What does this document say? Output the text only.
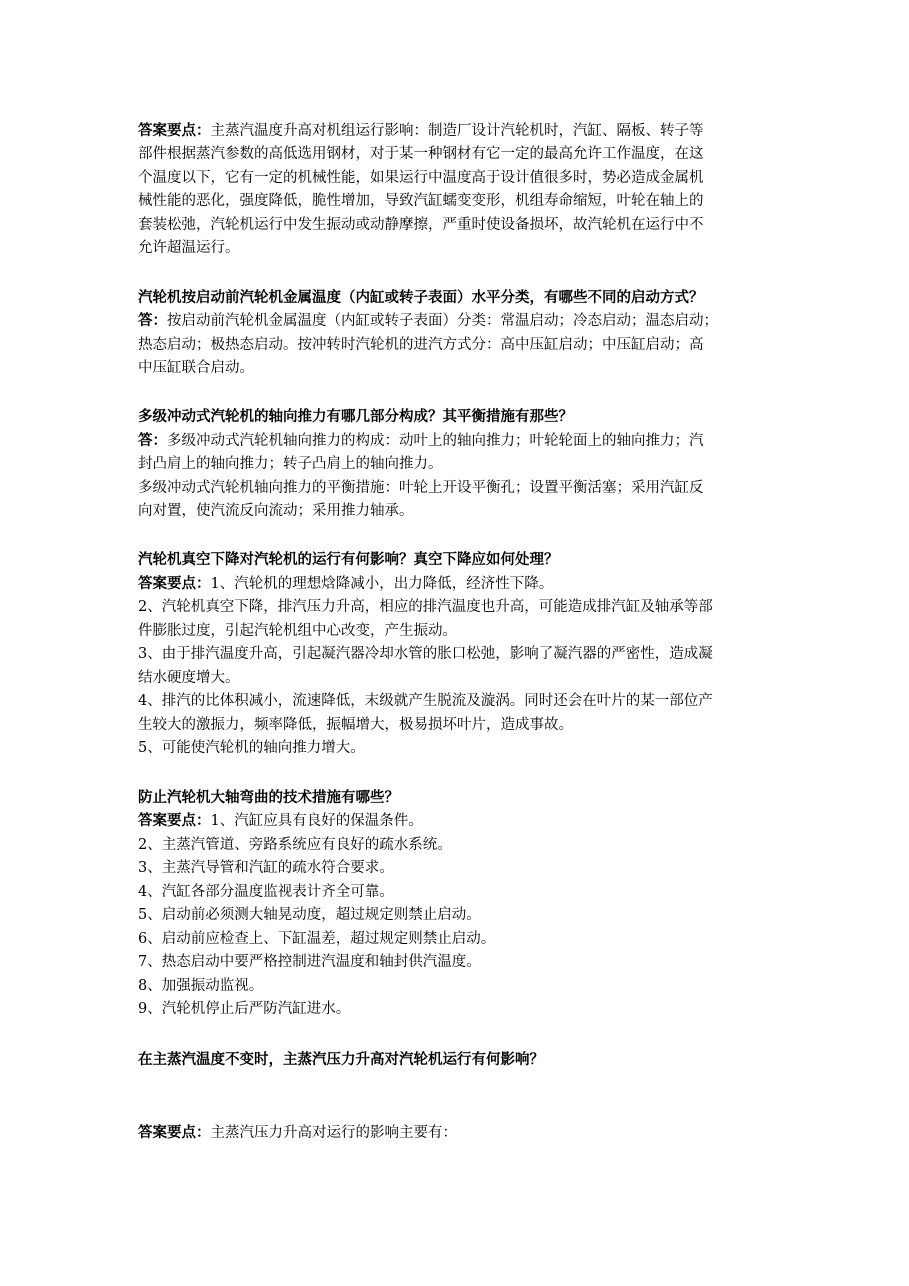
答案要点：主蒸汽温度升高对机组运行影响：制造厂设计汽轮机时，汽缸、隔板、转子等
部件根据蒸汽参数的高低选用钢材，对于某一种钢材有它一定的最高允许工作温度，在这
个温度以下，它有一定的机械性能，如果运行中温度高于设计值很多时，势必造成金属机
械性能的恶化，强度降低，脆性增加，导致汽缸蠕变变形，机组寿命缩短，叶轮在轴上的
套装松弛，汽轮机运行中发生振动或动静摩擦，严重时使设备损坏，故汽轮机在运行中不
允许超温运行。
汽轮机按启动前汽轮机金属温度（内缸或转子表面）水平分类，有哪些不同的启动方式？
答：按启动前汽轮机金属温度（内缸或转子表面）分类：常温启动；冷态启动；温态启动；
热态启动；极热态启动。按冲转时汽轮机的进汽方式分：高中压缸启动；中压缸启动；高
中压缸联合启动。
多级冲动式汽轮机的轴向推力有哪几部分构成？其平衡措施有那些？
答：多级冲动式汽轮机轴向推力的构成：动叶上的轴向推力；叶轮轮面上的轴向推力；汽
封凸肩上的轴向推力；转子凸肩上的轴向推力。
多级冲动式汽轮机轴向推力的平衡措施：叶轮上开设平衡孔；设置平衡活塞；采用汽缸反
向对置，使汽流反向流动；采用推力轴承。
汽轮机真空下降对汽轮机的运行有何影响？真空下降应如何处理？
答案要点：1、汽轮机的理想焓降减小，出力降低，经济性下降。
2、汽轮机真空下降，排汽压力升高，相应的排汽温度也升高，可能造成排汽缸及轴承等部
件膨胀过度，引起汽轮机组中心改变，产生振动。
3、由于排汽温度升高，引起凝汽器冷却水管的胀口松弛，影响了凝汽器的严密性，造成凝
结水硬度增大。
4、排汽的比体积减小，流速降低，末级就产生脱流及漩涡。同时还会在叶片的某一部位产
生较大的激振力，频率降低，振幅增大，极易损坏叶片，造成事故。
5、可能使汽轮机的轴向推力增大。
防止汽轮机大轴弯曲的技术措施有哪些？
答案要点：1、汽缸应具有良好的保温条件。
2、主蒸汽管道、旁路系统应有良好的疏水系统。
3、主蒸汽导管和汽缸的疏水符合要求。
4、汽缸各部分温度监视表计齐全可靠。
5、启动前必须测大轴晃动度，超过规定则禁止启动。
6、启动前应检查上、下缸温差，超过规定则禁止启动。
7、热态启动中要严格控制进汽温度和轴封供汽温度。
8、加强振动监视。
9、汽轮机停止后严防汽缸进水。
在主蒸汽温度不变时，主蒸汽压力升高对汽轮机运行有何影响？
答案要点：主蒸汽压力升高对运行的影响主要有：
